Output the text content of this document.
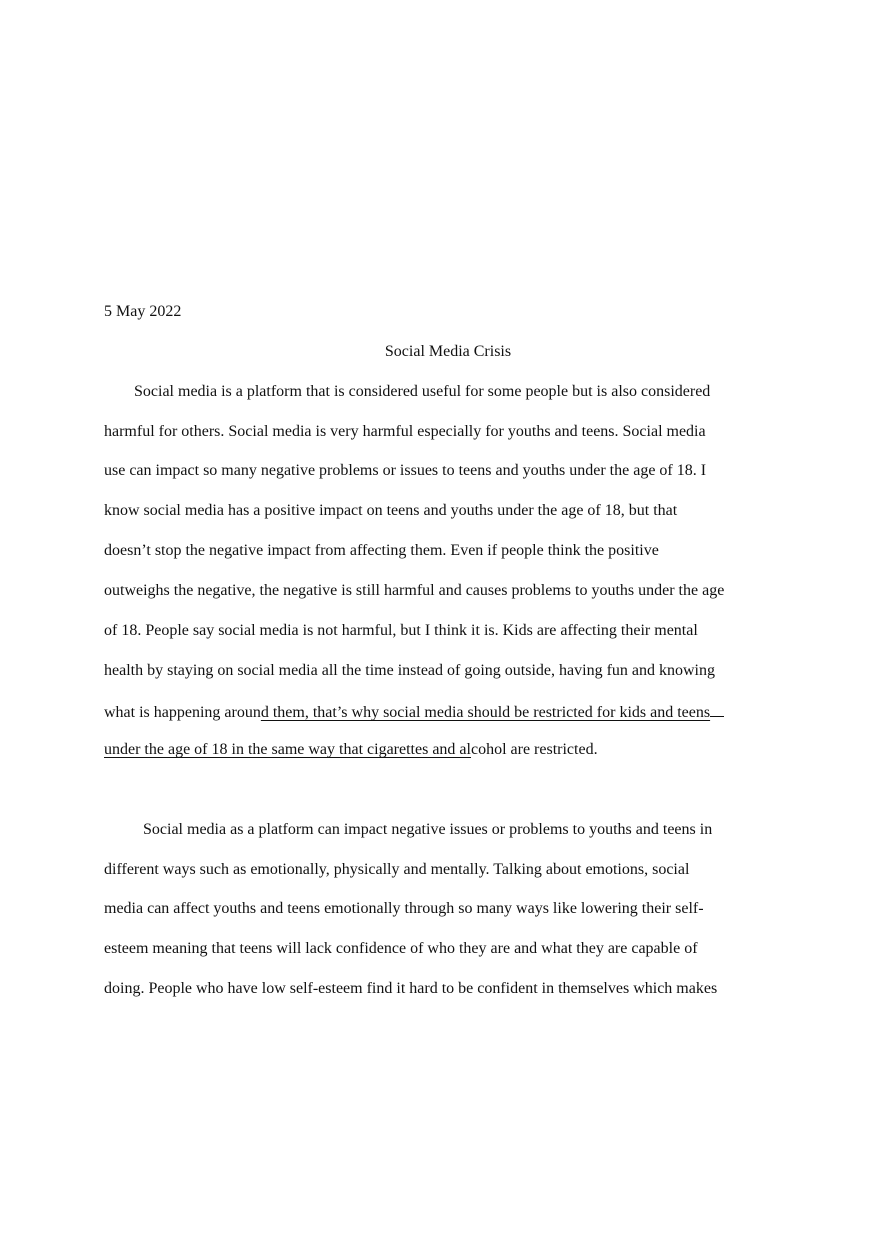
5 May 2022
Social Media Crisis
Social media is a platform that is considered useful for some people but is also considered
harmful for others. Social media is very harmful especially for youths and teens. Social media
use can impact so many negative problems or issues to teens and youths under the age of 18. I
know social media has a positive impact on teens and youths under the age of 18, but that
doesn’t stop the negative impact from affecting them. Even if people think the positive
outweighs the negative, the negative is still harmful and causes problems to youths under the age
of 18. People say social media is not harmful, but I think it is. Kids are affecting their mental
health by staying on social media all the time instead of going outside, having fun and knowing
what is happening around them, that’s why social media should be restricted for kids and teens
under the age of 18 in the same way that cigarettes and alcohol are restricted.
Social media as a platform can impact negative issues or problems to youths and teens in
different ways such as emotionally, physically and mentally. Talking about emotions, social
media can affect youths and teens emotionally through so many ways like lowering their self-
esteem meaning that teens will lack confidence of who they are and what they are capable of
doing. People who have low self-esteem find it hard to be confident in themselves which makes
